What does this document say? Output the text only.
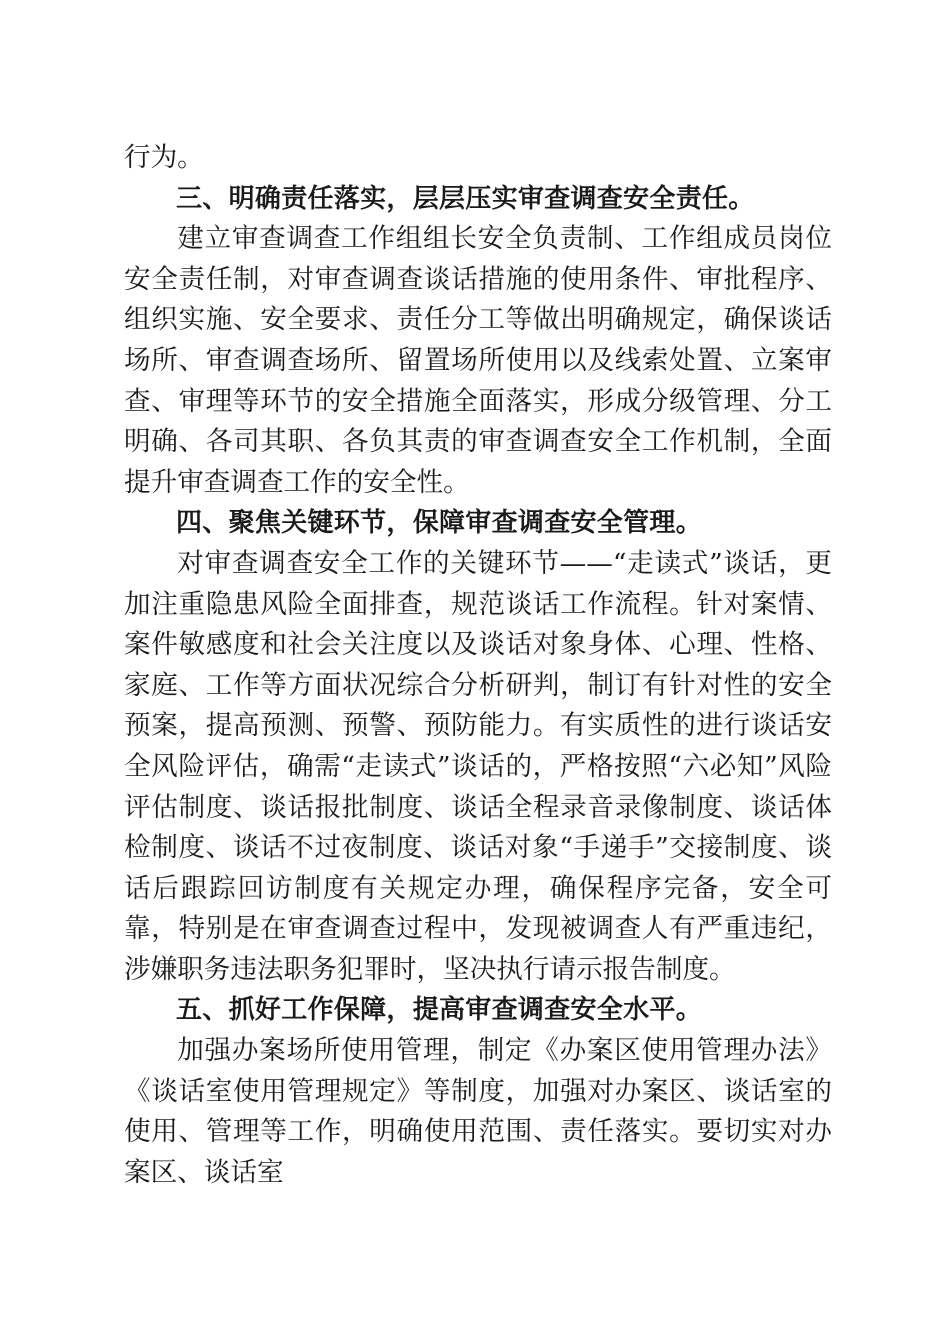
行为。

三、明确责任落实，层层压实审查调查安全责任。

建立审查调查工作组组长安全负责制、工作组成员岗位安全责任制，对审查调查谈话措施的使用条件、审批程序、组织实施、安全要求、责任分工等做出明确规定，确保谈话场所、审查调查场所、留置场所使用以及线索处置、立案审查、审理等环节的安全措施全面落实，形成分级管理、分工明确、各司其职、各负其责的审查调查安全工作机制，全面提升审查调查工作的安全性。

四、聚焦关键环节，保障审查调查安全管理。

对审查调查安全工作的关键环节——“走读式”谈话，更加注重隐患风险全面排查，规范谈话工作流程。针对案情、案件敏感度和社会关注度以及谈话对象身体、心理、性格、家庭、工作等方面状况综合分析研判，制订有针对性的安全预案，提高预测、预警、预防能力。有实质性的进行谈话安全风险评估，确需“走读式”谈话的，严格按照“六必知”风险评估制度、谈话报批制度、谈话全程录音录像制度、谈话体检制度、谈话不过夜制度、谈话对象“手递手”交接制度、谈话后跟踪回访制度有关规定办理，确保程序完备，安全可靠，特别是在审查调查过程中，发现被调查人有严重违纪，涉嫌职务违法职务犯罪时，坚决执行请示报告制度。

五、抓好工作保障，提高审查调查安全水平。

加强办案场所使用管理，制定《办案区使用管理办法》《谈话室使用管理规定》等制度，加强对办案区、谈话室的使用、管理等工作，明确使用范围、责任落实。要切实对办案区、谈话室
